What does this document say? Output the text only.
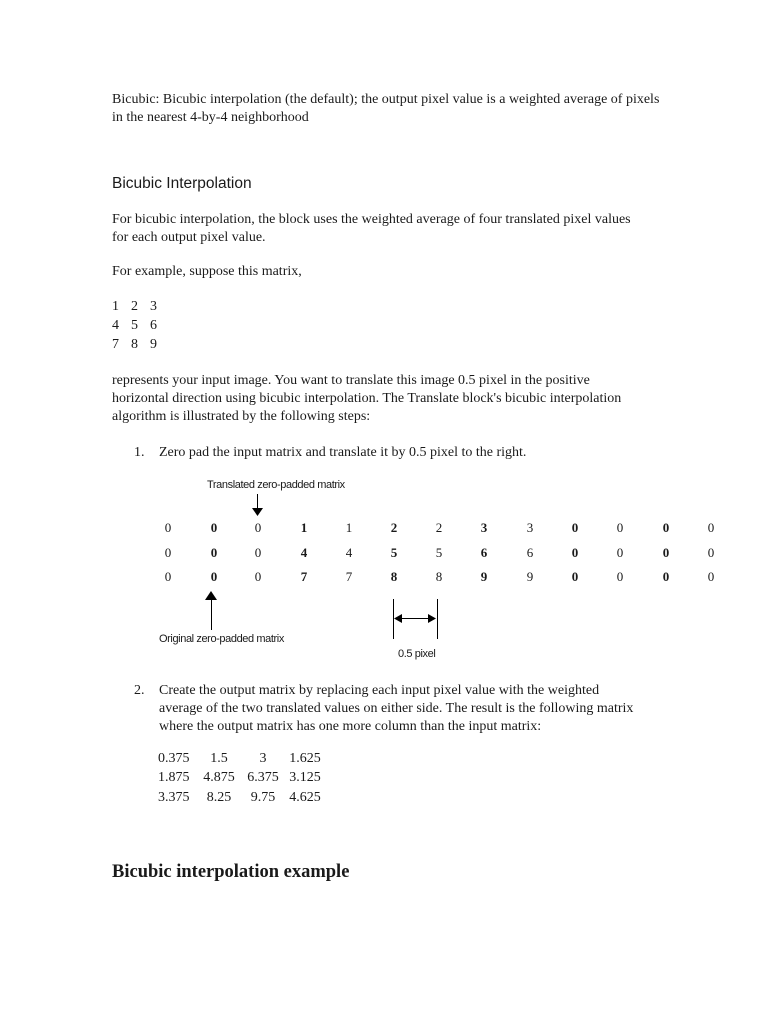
Bicubic: Bicubic interpolation (the default); the output pixel value is a weighted average of pixels in the nearest 4-by-4 neighborhood
Bicubic Interpolation
For bicubic interpolation, the block uses the weighted average of four translated pixel values for each output pixel value.
For example, suppose this matrix,
1 2 3
4 5 6
7 8 9
represents your input image. You want to translate this image 0.5 pixel in the positive horizontal direction using bicubic interpolation. The Translate block's bicubic interpolation algorithm is illustrated by the following steps:
1. Zero pad the input matrix and translate it by 0.5 pixel to the right.
Translated zero-padded matrix
0	0	0	1	1	2	2	3	3	0	0	0	0
0	0	0	4	4	5	5	6	6	0	0	0	0
0	0	0	7	7	8	8	9	9	0	0	0	0
Original zero-padded matrix
0.5 pixel
2. Create the output matrix by replacing each input pixel value with the weighted average of the two translated values on either side. The result is the following matrix where the output matrix has one more column than the input matrix:
0.375 1.5 3 1.625
1.875 4.875 6.375 3.125
3.375 8.25 9.75 4.625
Bicubic interpolation example
